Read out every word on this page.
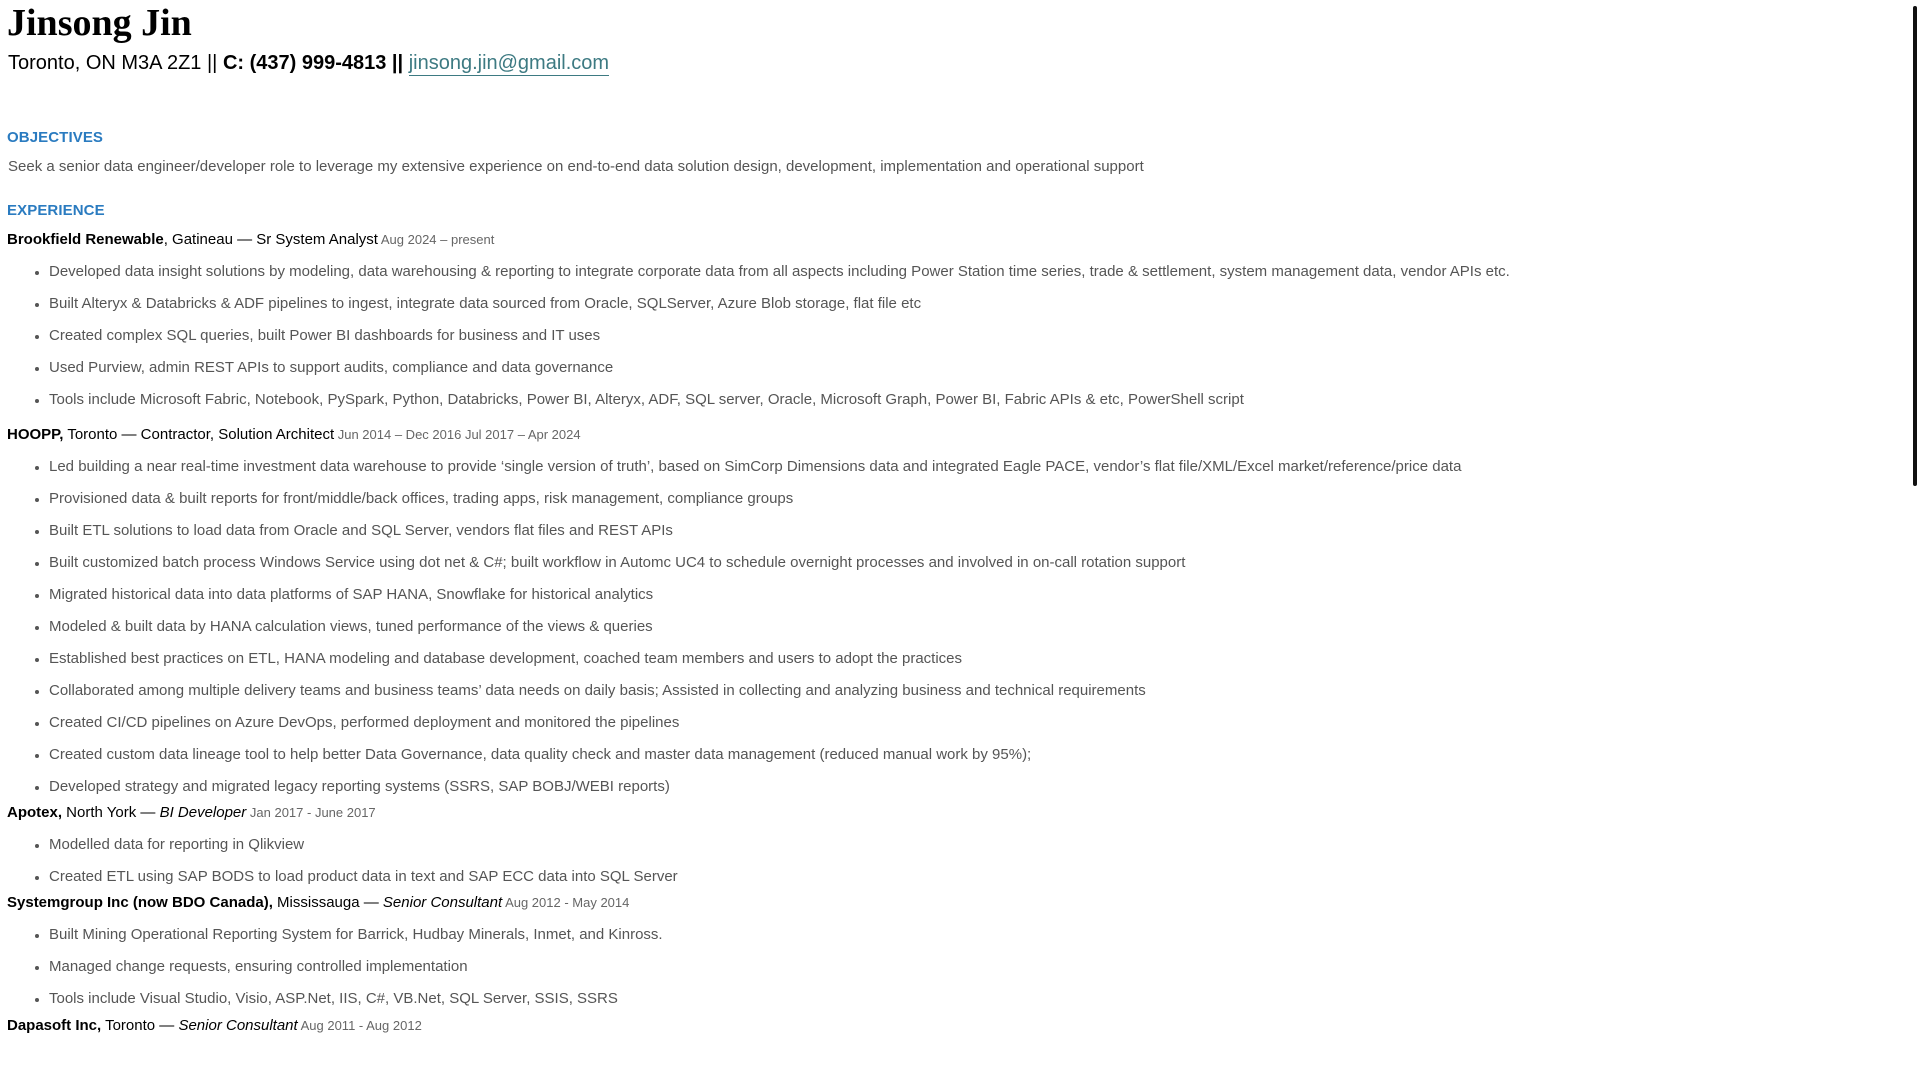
Jinsong Jin
Toronto, ON M3A 2Z1 || C: (437) 999-4813 || jinsong.jin@gmail.com
OBJECTIVES

Seek a senior data engineer/developer role to leverage my extensive experience on end-to-end data solution design, development, implementation and operational support

EXPERIENCE
Brookfield Renewable, Gatineau — Sr System Analyst Aug 2024 – present
• Developed data insight solutions by modeling, data warehousing & reporting to integrate corporate data from all aspects including Power Station time series, trade & settlement, system management data, vendor APIs etc.
• Built Alteryx & Databricks & ADF pipelines to ingest, integrate data sourced from Oracle, SQLServer, Azure Blob storage, flat file etc
• Created complex SQL queries, built Power BI dashboards for business and IT uses
• Used Purview, admin REST APIs to support audits, compliance and data governance
• Tools include Microsoft Fabric, Notebook, PySpark, Python, Databricks, Power BI, Alteryx, ADF, SQL server, Oracle, Microsoft Graph, Power BI, Fabric APIs & etc, PowerShell script
HOOPP, Toronto — Contractor, Solution Architect Jun 2014 – Dec 2016 Jul 2017 – Apr 2024
• Led building a near real-time investment data warehouse to provide ‘single version of truth’, based on SimCorp Dimensions data and integrated Eagle PACE, vendor’s flat file/XML/Excel market/reference/price data
• Provisioned data & built reports for front/middle/back offices, trading apps, risk management, compliance groups
• Built ETL solutions to load data from Oracle and SQL Server, vendors flat files and REST APIs
• Built customized batch process Windows Service using dot net & C#; built workflow in Automc UC4 to schedule overnight processes and involved in on-call rotation support
• Migrated historical data into data platforms of SAP HANA, Snowflake for historical analytics
• Modeled & built data by HANA calculation views, tuned performance of the views & queries
• Established best practices on ETL, HANA modeling and database development, coached team members and users to adopt the practices
• Collaborated among multiple delivery teams and business teams’ data needs on daily basis; Assisted in collecting and analyzing business and technical requirements
• Created CI/CD pipelines on Azure DevOps, performed deployment and monitored the pipelines
• Created custom data lineage tool to help better Data Governance, data quality check and master data management (reduced manual work by 95%);
• Developed strategy and migrated legacy reporting systems (SSRS, SAP BOBJ/WEBI reports)
Apotex, North York — BI Developer Jan 2017 - June 2017
• Modelled data for reporting in Qlikview
• Created ETL using SAP BODS to load product data in text and SAP ECC data into SQL Server
Systemgroup Inc (now BDO Canada), Mississauga — Senior Consultant Aug 2012 - May 2014
• Built Mining Operational Reporting System for Barrick, Hudbay Minerals, Inmet, and Kinross.
• Managed change requests, ensuring controlled implementation
• Tools include Visual Studio, Visio, ASP.Net, IIS, C#, VB.Net, SQL Server, SSIS, SSRS
Dapasoft Inc, Toronto — Senior Consultant Aug 2011 - Aug 2012
